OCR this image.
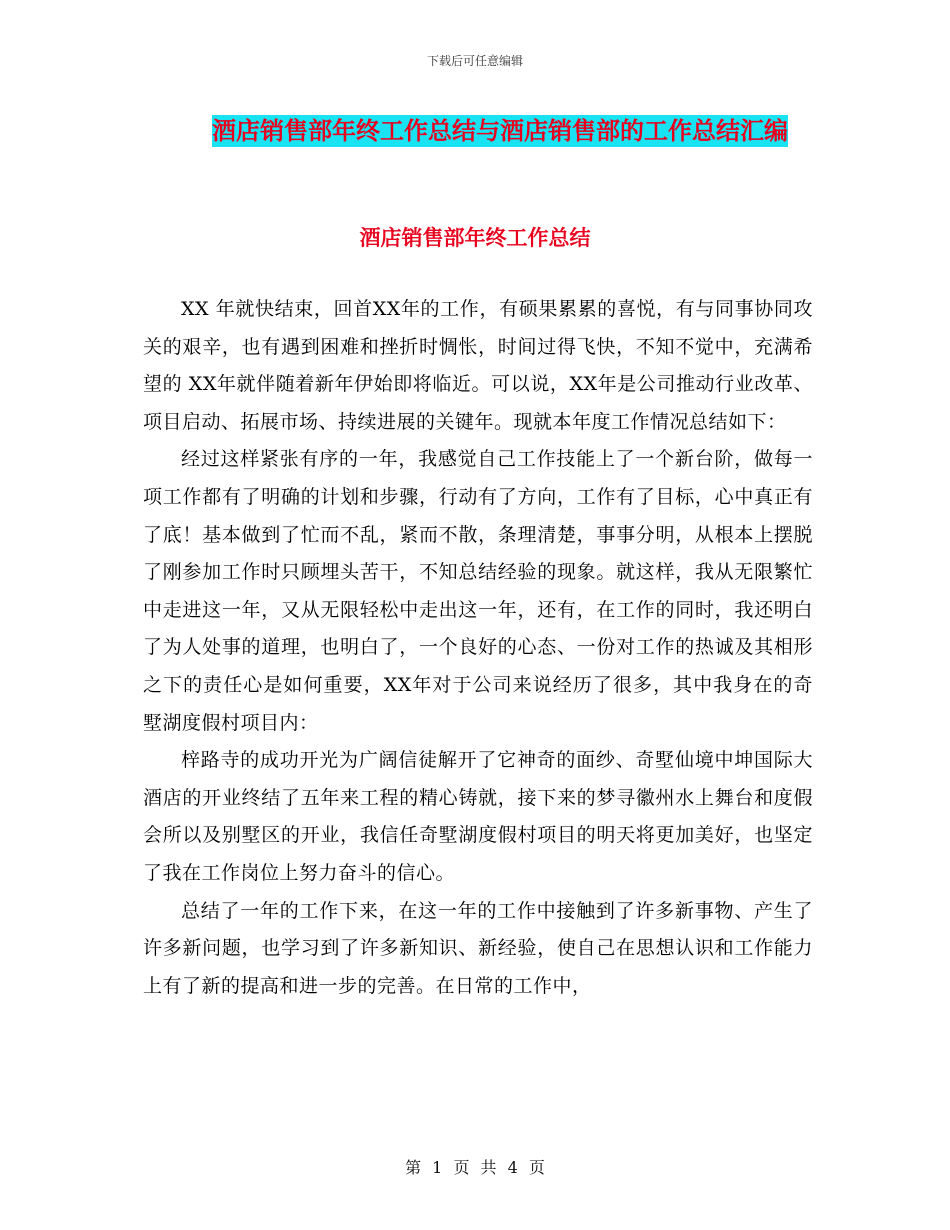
下载后可任意编辑
酒店销售部年终工作总结与酒店销售部的工作总结汇编
酒店销售部年终工作总结

XX 年就快结束，回首XX年的工作，有硕果累累的喜悦，有与同事协同攻关的艰辛，也有遇到困难和挫折时惆怅，时间过得飞快，不知不觉中，充满希望的 XX年就伴随着新年伊始即将临近。可以说，XX年是公司推动行业改革、项目启动、拓展市场、持续进展的关键年。现就本年度工作情况总结如下：

经过这样紧张有序的一年，我感觉自己工作技能上了一个新台阶，做每一项工作都有了明确的计划和步骤，行动有了方向，工作有了目标，心中真正有了底！基本做到了忙而不乱，紧而不散，条理清楚，事事分明，从根本上摆脱了刚参加工作时只顾埋头苦干，不知总结经验的现象。就这样，我从无限繁忙中走进这一年，又从无限轻松中走出这一年，还有，在工作的同时，我还明白了为人处事的道理，也明白了，一个良好的心态、一份对工作的热诚及其相形之下的责任心是如何重要，XX年对于公司来说经历了很多，其中我身在的奇墅湖度假村项目内：

梓路寺的成功开光为广阔信徒解开了它神奇的面纱、奇墅仙境中坤国际大酒店的开业终结了五年来工程的精心铸就，接下来的梦寻徽州水上舞台和度假会所以及别墅区的开业，我信任奇墅湖度假村项目的明天将更加美好，也坚定了我在工作岗位上努力奋斗的信心。

总结了一年的工作下来，在这一年的工作中接触到了许多新事物、产生了许多新问题，也学习到了许多新知识、新经验，使自己在思想认识和工作能力上有了新的提高和进一步的完善。在日常的工作中，

第 1 页 共 4 页
